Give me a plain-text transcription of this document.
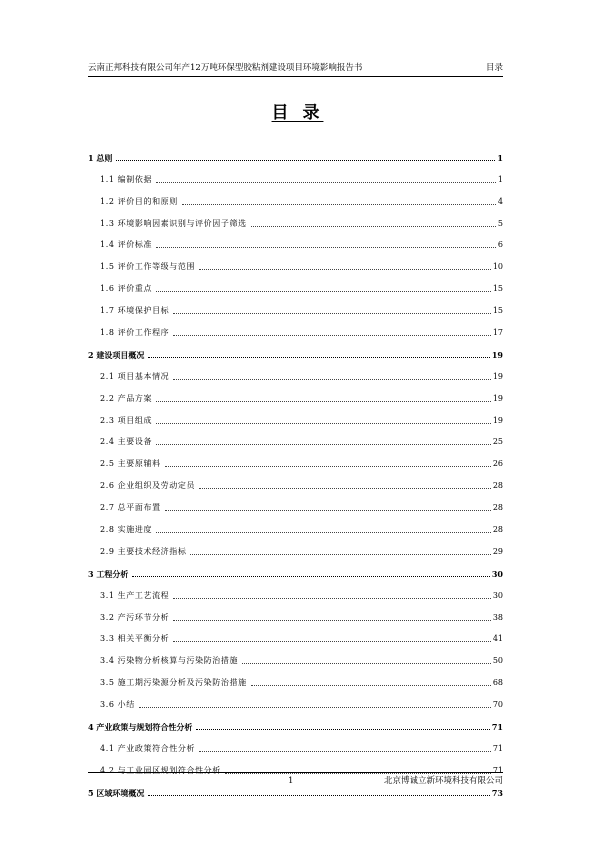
云南正邦科技有限公司年产12万吨环保型胶粘剂建设项目环境影响报告书	目录
目 录
1 总则	1
1.1 编制依据	1
1.2 评价目的和原则	4
1.3 环境影响因素识别与评价因子筛选	5
1.4 评价标准	6
1.5 评价工作等级与范围	10
1.6 评价重点	15
1.7 环境保护目标	15
1.8 评价工作程序	17
2 建设项目概况	19
2.1 项目基本情况	19
2.2 产品方案	19
2.3 项目组成	19
2.4 主要设备	25
2.5 主要原辅料	26
2.6 企业组织及劳动定员	28
2.7 总平面布置	28
2.8 实施进度	28
2.9 主要技术经济指标	29
3 工程分析	30
3.1 生产工艺流程	30
3.2 产污环节分析	38
3.3 相关平衡分析	41
3.4 污染物分析核算与污染防治措施	50
3.5 施工期污染源分析及污染防治措施	68
3.6 小结	70
4 产业政策与规划符合性分析	71
4.1 产业政策符合性分析	71
4.2 与工业园区规划符合性分析	71
5 区域环境概况	73
1	北京博诚立新环境科技有限公司
